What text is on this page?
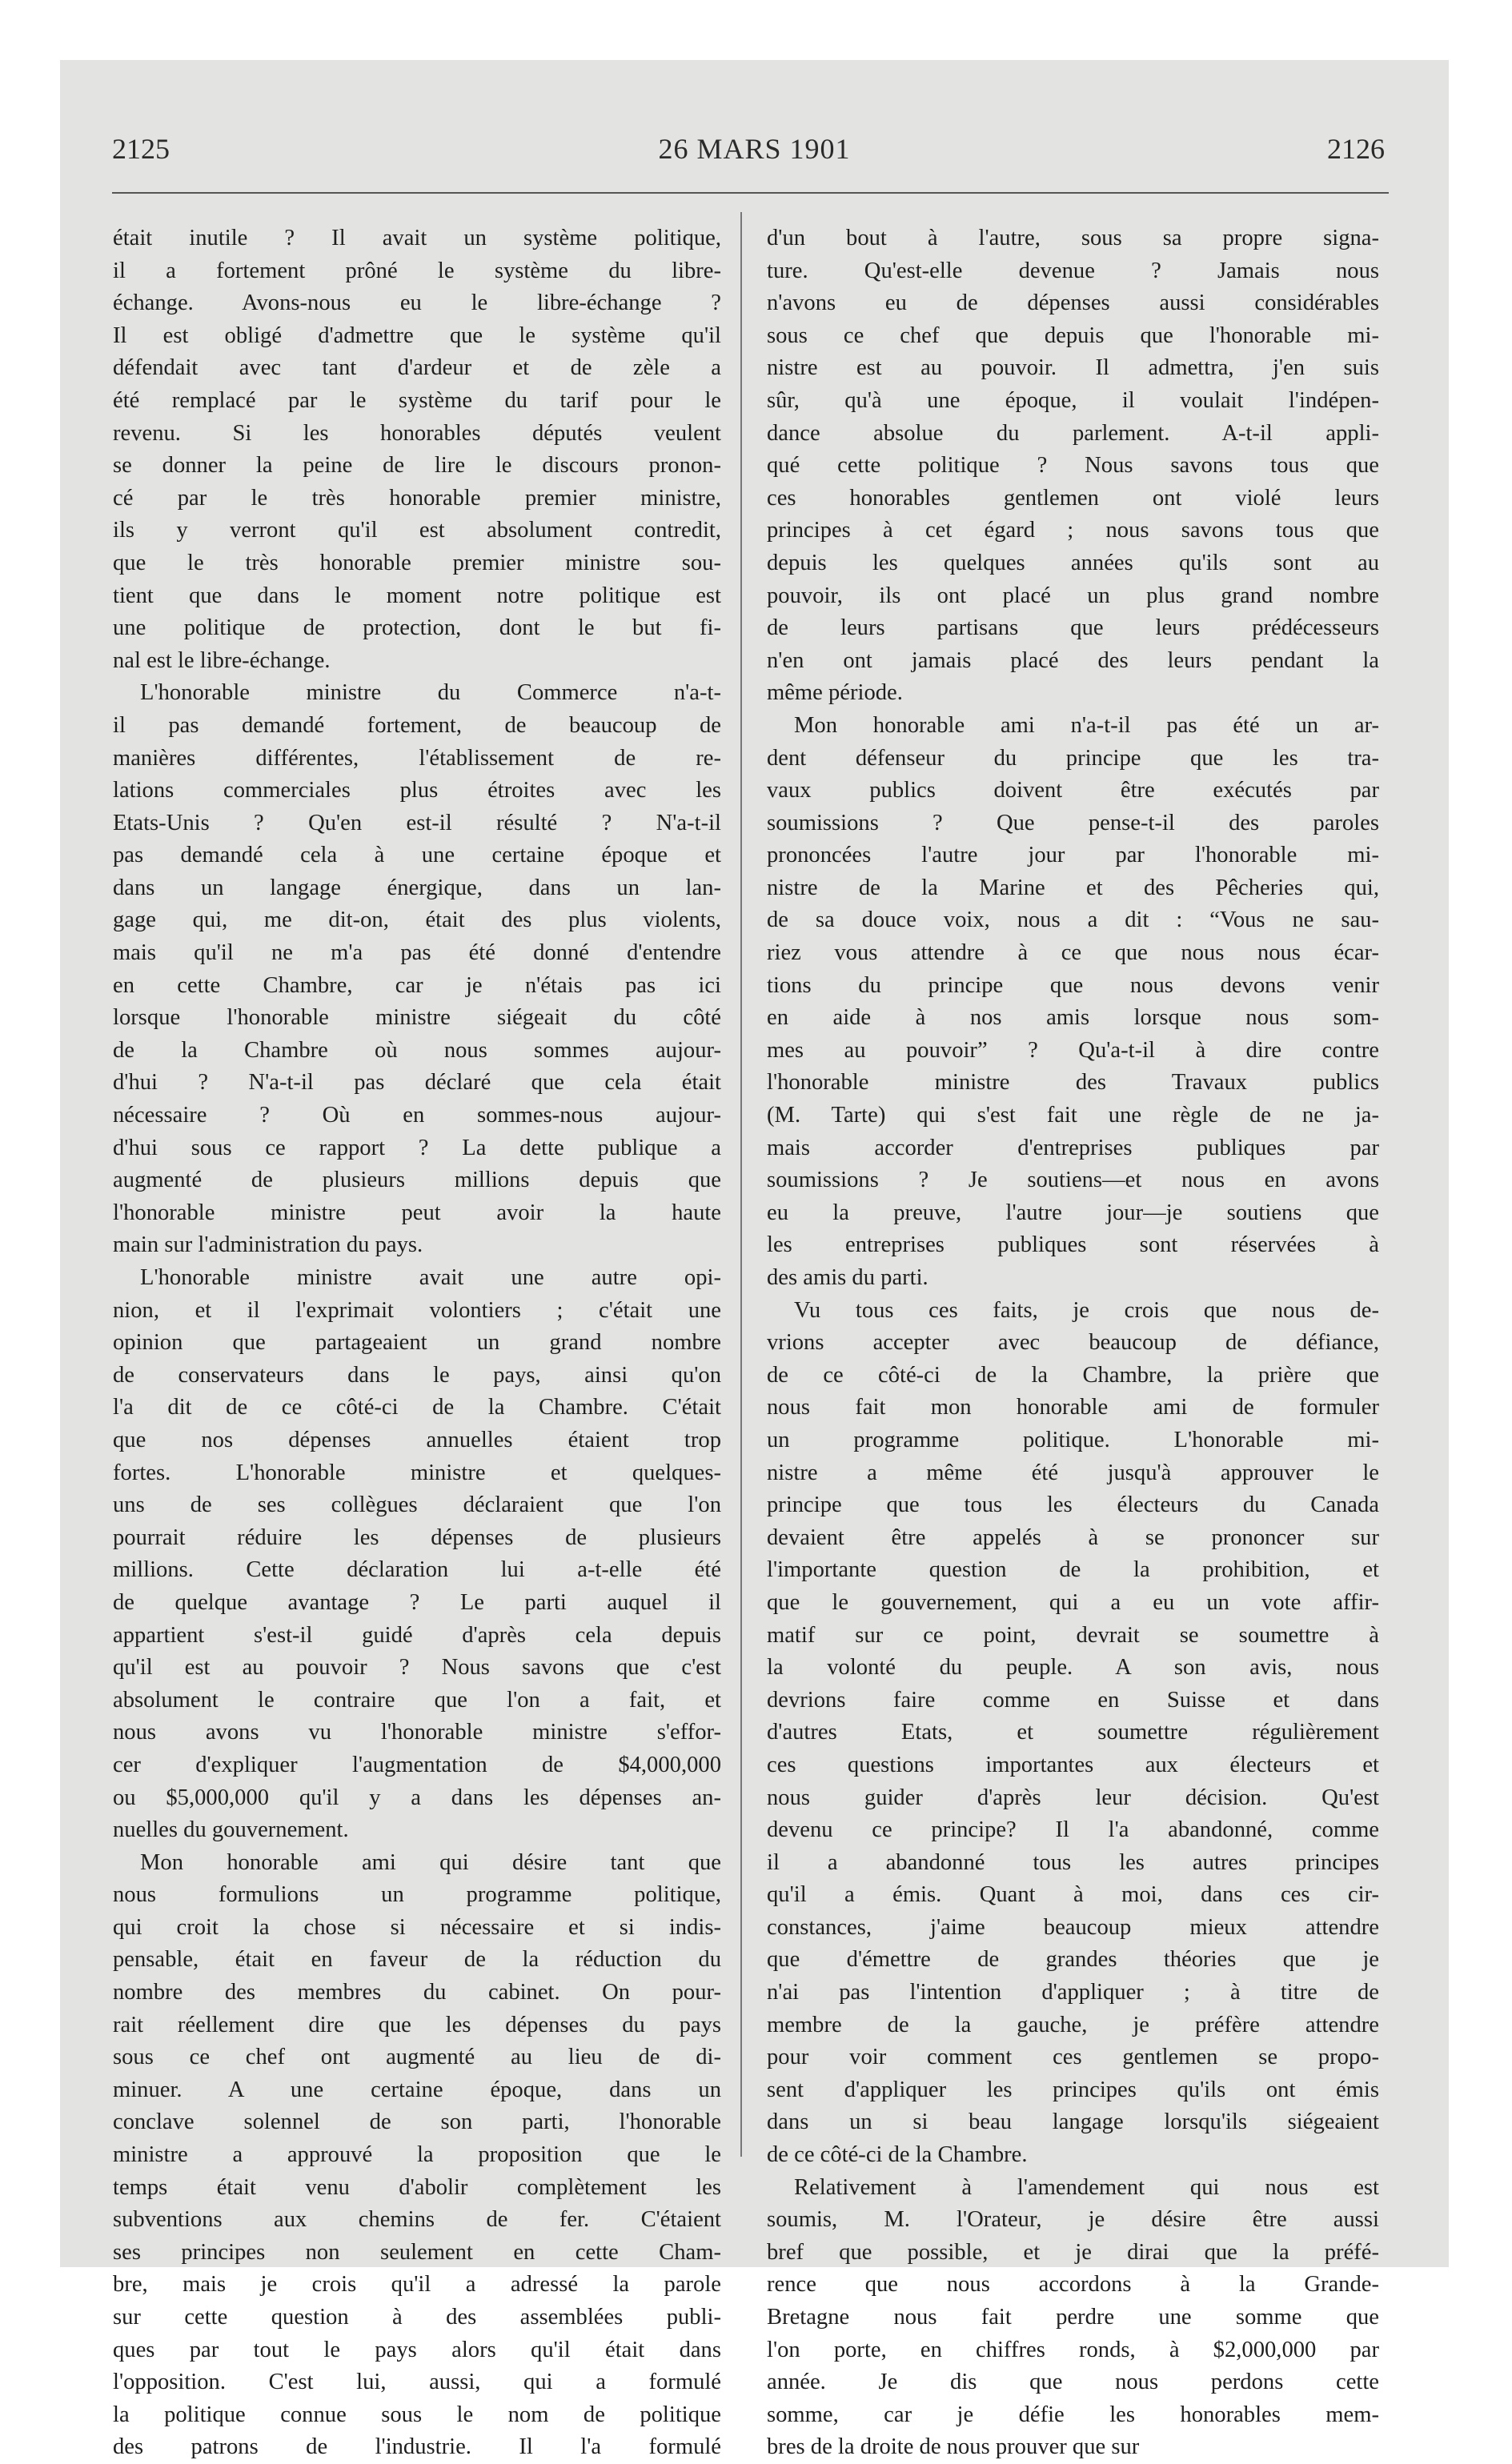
2125	26 MARS 1901	2126
était inutile ? Il avait un système politique,
il a fortement prôné le système du libre-
échange. Avons-nous eu le libre-échange ?
Il est obligé d'admettre que le système qu'il
défendait avec tant d'ardeur et de zèle a
été remplacé par le système du tarif pour le
revenu. Si les honorables députés veulent
se donner la peine de lire le discours pronon-
cé par le très honorable premier ministre,
ils y verront qu'il est absolument contredit,
que le très honorable premier ministre sou-
tient que dans le moment notre politique est
une politique de protection, dont le but fi-
nal est le libre-échange.
L'honorable ministre du Commerce n'a-t-
il pas demandé fortement, de beaucoup de
manières différentes, l'établissement de re-
lations commerciales plus étroites avec les
Etats-Unis ? Qu'en est-il résulté ? N'a-t-il
pas demandé cela à une certaine époque et
dans un langage énergique, dans un lan-
gage qui, me dit-on, était des plus violents,
mais qu'il ne m'a pas été donné d'entendre
en cette Chambre, car je n'étais pas ici
lorsque l'honorable ministre siégeait du côté
de la Chambre où nous sommes aujour-
d'hui ? N'a-t-il pas déclaré que cela était
nécessaire ? Où en sommes-nous aujour-
d'hui sous ce rapport ? La dette publique a
augmenté de plusieurs millions depuis que
l'honorable ministre peut avoir la haute
main sur l'administration du pays.
L'honorable ministre avait une autre opi-
nion, et il l'exprimait volontiers ; c'était une
opinion que partageaient un grand nombre
de conservateurs dans le pays, ainsi qu'on
l'a dit de ce côté-ci de la Chambre. C'était
que nos dépenses annuelles étaient trop
fortes. L'honorable ministre et quelques-
uns de ses collègues déclaraient que l'on
pourrait réduire les dépenses de plusieurs
millions. Cette déclaration lui a-t-elle été
de quelque avantage ? Le parti auquel il
appartient s'est-il guidé d'après cela depuis
qu'il est au pouvoir ? Nous savons que c'est
absolument le contraire que l'on a fait, et
nous avons vu l'honorable ministre s'effor-
cer d'expliquer l'augmentation de $4,000,000
ou $5,000,000 qu'il y a dans les dépenses an-
nuelles du gouvernement.
Mon honorable ami qui désire tant que
nous formulions un programme politique,
qui croit la chose si nécessaire et si indis-
pensable, était en faveur de la réduction du
nombre des membres du cabinet. On pour-
rait réellement dire que les dépenses du pays
sous ce chef ont augmenté au lieu de di-
minuer. A une certaine époque, dans un
conclave solennel de son parti, l'honorable
ministre a approuvé la proposition que le
temps était venu d'abolir complètement les
subventions aux chemins de fer. C'étaient
ses principes non seulement en cette Cham-
bre, mais je crois qu'il a adressé la parole
sur cette question à des assemblées publi-
ques par tout le pays alors qu'il était dans
l'opposition. C'est lui, aussi, qui a formulé
la politique connue sous le nom de politique
des patrons de l'industrie. Il l'a formulé
d'un bout à l'autre, sous sa propre signa-
ture. Qu'est-elle devenue ? Jamais nous
n'avons eu de dépenses aussi considérables
sous ce chef que depuis que l'honorable mi-
nistre est au pouvoir. Il admettra, j'en suis
sûr, qu'à une époque, il voulait l'indépen-
dance absolue du parlement. A-t-il appli-
qué cette politique ? Nous savons tous que
ces honorables gentlemen ont violé leurs
principes à cet égard ; nous savons tous que
depuis les quelques années qu'ils sont au
pouvoir, ils ont placé un plus grand nombre
de leurs partisans que leurs prédécesseurs
n'en ont jamais placé des leurs pendant la
même période.
Mon honorable ami n'a-t-il pas été un ar-
dent défenseur du principe que les tra-
vaux publics doivent être exécutés par
soumissions ? Que pense-t-il des paroles
prononcées l'autre jour par l'honorable mi-
nistre de la Marine et des Pêcheries qui,
de sa douce voix, nous a dit : “Vous ne sau-
riez vous attendre à ce que nous nous écar-
tions du principe que nous devons venir
en aide à nos amis lorsque nous som-
mes au pouvoir” ? Qu'a-t-il à dire contre
l'honorable ministre des Travaux publics
(M. Tarte) qui s'est fait une règle de ne ja-
mais accorder d'entreprises publiques par
soumissions ? Je soutiens—et nous en avons
eu la preuve, l'autre jour—je soutiens que
les entreprises publiques sont réservées à
des amis du parti.
Vu tous ces faits, je crois que nous de-
vrions accepter avec beaucoup de défiance,
de ce côté-ci de la Chambre, la prière que
nous fait mon honorable ami de formuler
un programme politique. L'honorable mi-
nistre a même été jusqu'à approuver le
principe que tous les électeurs du Canada
devaient être appelés à se prononcer sur
l'importante question de la prohibition, et
que le gouvernement, qui a eu un vote affir-
matif sur ce point, devrait se soumettre à
la volonté du peuple. A son avis, nous
devrions faire comme en Suisse et dans
d'autres Etats, et soumettre régulièrement
ces questions importantes aux électeurs et
nous guider d'après leur décision. Qu'est
devenu ce principe? Il l'a abandonné, comme
il a abandonné tous les autres principes
qu'il a émis. Quant à moi, dans ces cir-
constances, j'aime beaucoup mieux attendre
que d'émettre de grandes théories que je
n'ai pas l'intention d'appliquer ; à titre de
membre de la gauche, je préfère attendre
pour voir comment ces gentlemen se propo-
sent d'appliquer les principes qu'ils ont émis
dans un si beau langage lorsqu'ils siégeaient
de ce côté-ci de la Chambre.
Relativement à l'amendement qui nous est
soumis, M. l'Orateur, je désire être aussi
bref que possible, et je dirai que la préfé-
rence que nous accordons à la Grande-
Bretagne nous fait perdre une somme que
l'on porte, en chiffres ronds, à $2,000,000 par
année. Je dis que nous perdons cette
somme, car je défie les honorables mem-
bres de la droite de nous prouver que sur
